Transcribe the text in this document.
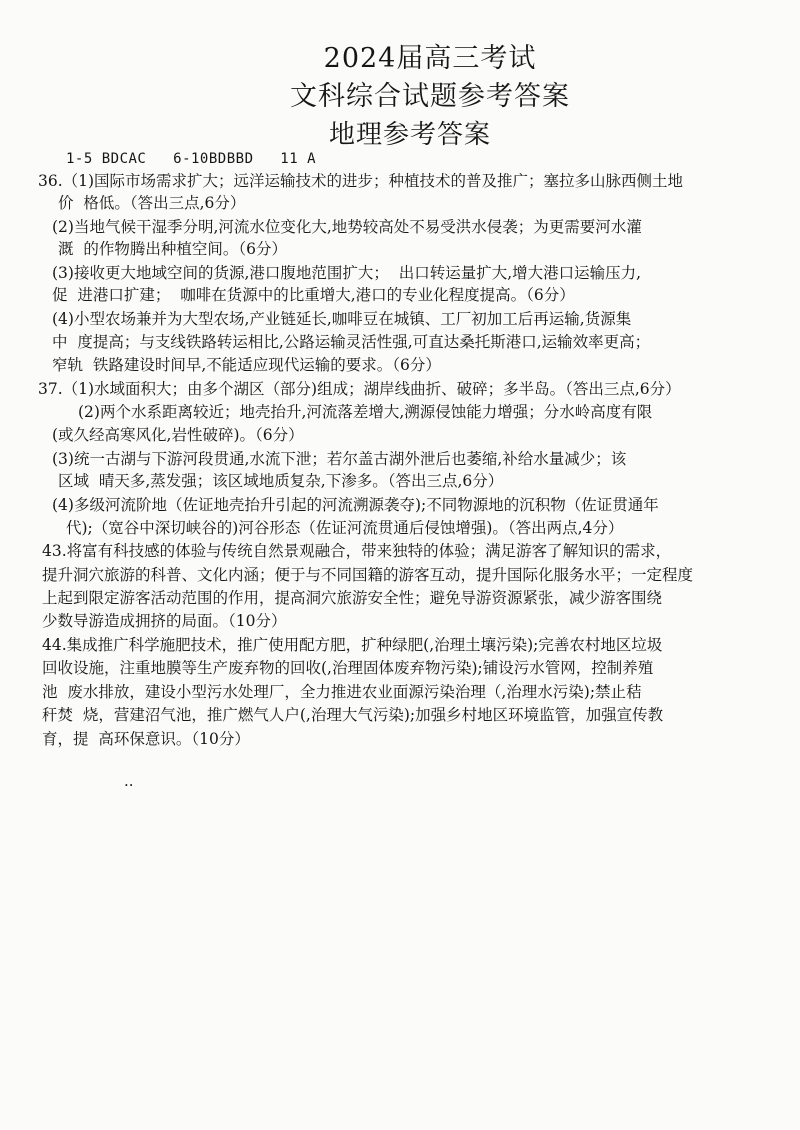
2024届高三考试
文科综合试题参考答案
地理参考答案
1-5 BDCAC   6-10BDBBD   11 A
36.（1)国际市场需求扩大；远洋运输技术的进步；种植技术的普及推广；塞拉多山脉西侧土地
价  格低。（答出三点,6分）
(2)当地气候干湿季分明,河流水位变化大,地势较高处不易受洪水侵袭；为更需要河水灌
溉  的作物腾出种植空间。（6分）
(3)接收更大地域空间的货源,港口腹地范围扩大；  出口转运量扩大,增大港口运输压力,
促  进港口扩建；  咖啡在货源中的比重增大,港口的专业化程度提高。（6分）
(4)小型农场兼并为大型农场,产业链延长,咖啡豆在城镇、工厂初加工后再运输,货源集
中  度提高；与支线铁路转运相比,公路运输灵活性强,可直达桑托斯港口,运输效率更高；
窄轨  铁路建设时间早,不能适应现代运输的要求。（6分）
37.（1)水域面积大；由多个湖区（部分)组成；湖岸线曲折、破碎；多半岛。（答出三点,6分）
(2)两个水系距离较近；地壳抬升,河流落差增大,溯源侵蚀能力增强；分水岭高度有限
(或久经高寒风化,岩性破碎)。（6分）
(3)统一古湖与下游河段贯通,水流下泄；若尔盖古湖外泄后也萎缩,补给水量减少；该
区域  晴天多,蒸发强；该区域地质复杂,下渗多。（答出三点,6分）
(4)多级河流阶地（佐证地壳抬升引起的河流溯源袭夺);不同物源地的沉积物（佐证贯通年
代);（宽谷中深切峡谷的)河谷形态（佐证河流贯通后侵蚀增强)。（答出两点,4分）
43.将富有科技感的体验与传统自然景观融合，带来独特的体验；满足游客了解知识的需求，
提升洞穴旅游的科普、文化内涵；便于与不同国籍的游客互动，提升国际化服务水平；一定程度
上起到限定游客活动范围的作用，提高洞穴旅游安全性；避免导游资源紧张，减少游客围绕
少数导游造成拥挤的局面。（10分）
44.集成推广科学施肥技术，推广使用配方肥，扩种绿肥(,治理土壤污染);完善农村地区垃圾
回收设施，注重地膜等生产废弃物的回收(,治理固体废弃物污染);铺设污水管网，控制养殖
池  废水排放，建设小型污水处理厂，全力推进农业面源污染治理（,治理水污染);禁止秸
秆焚  烧，营建沼气池，推广燃气人户(,治理大气污染);加强乡村地区环境监管，加强宣传教
育，提  高环保意识。（10分）
··
